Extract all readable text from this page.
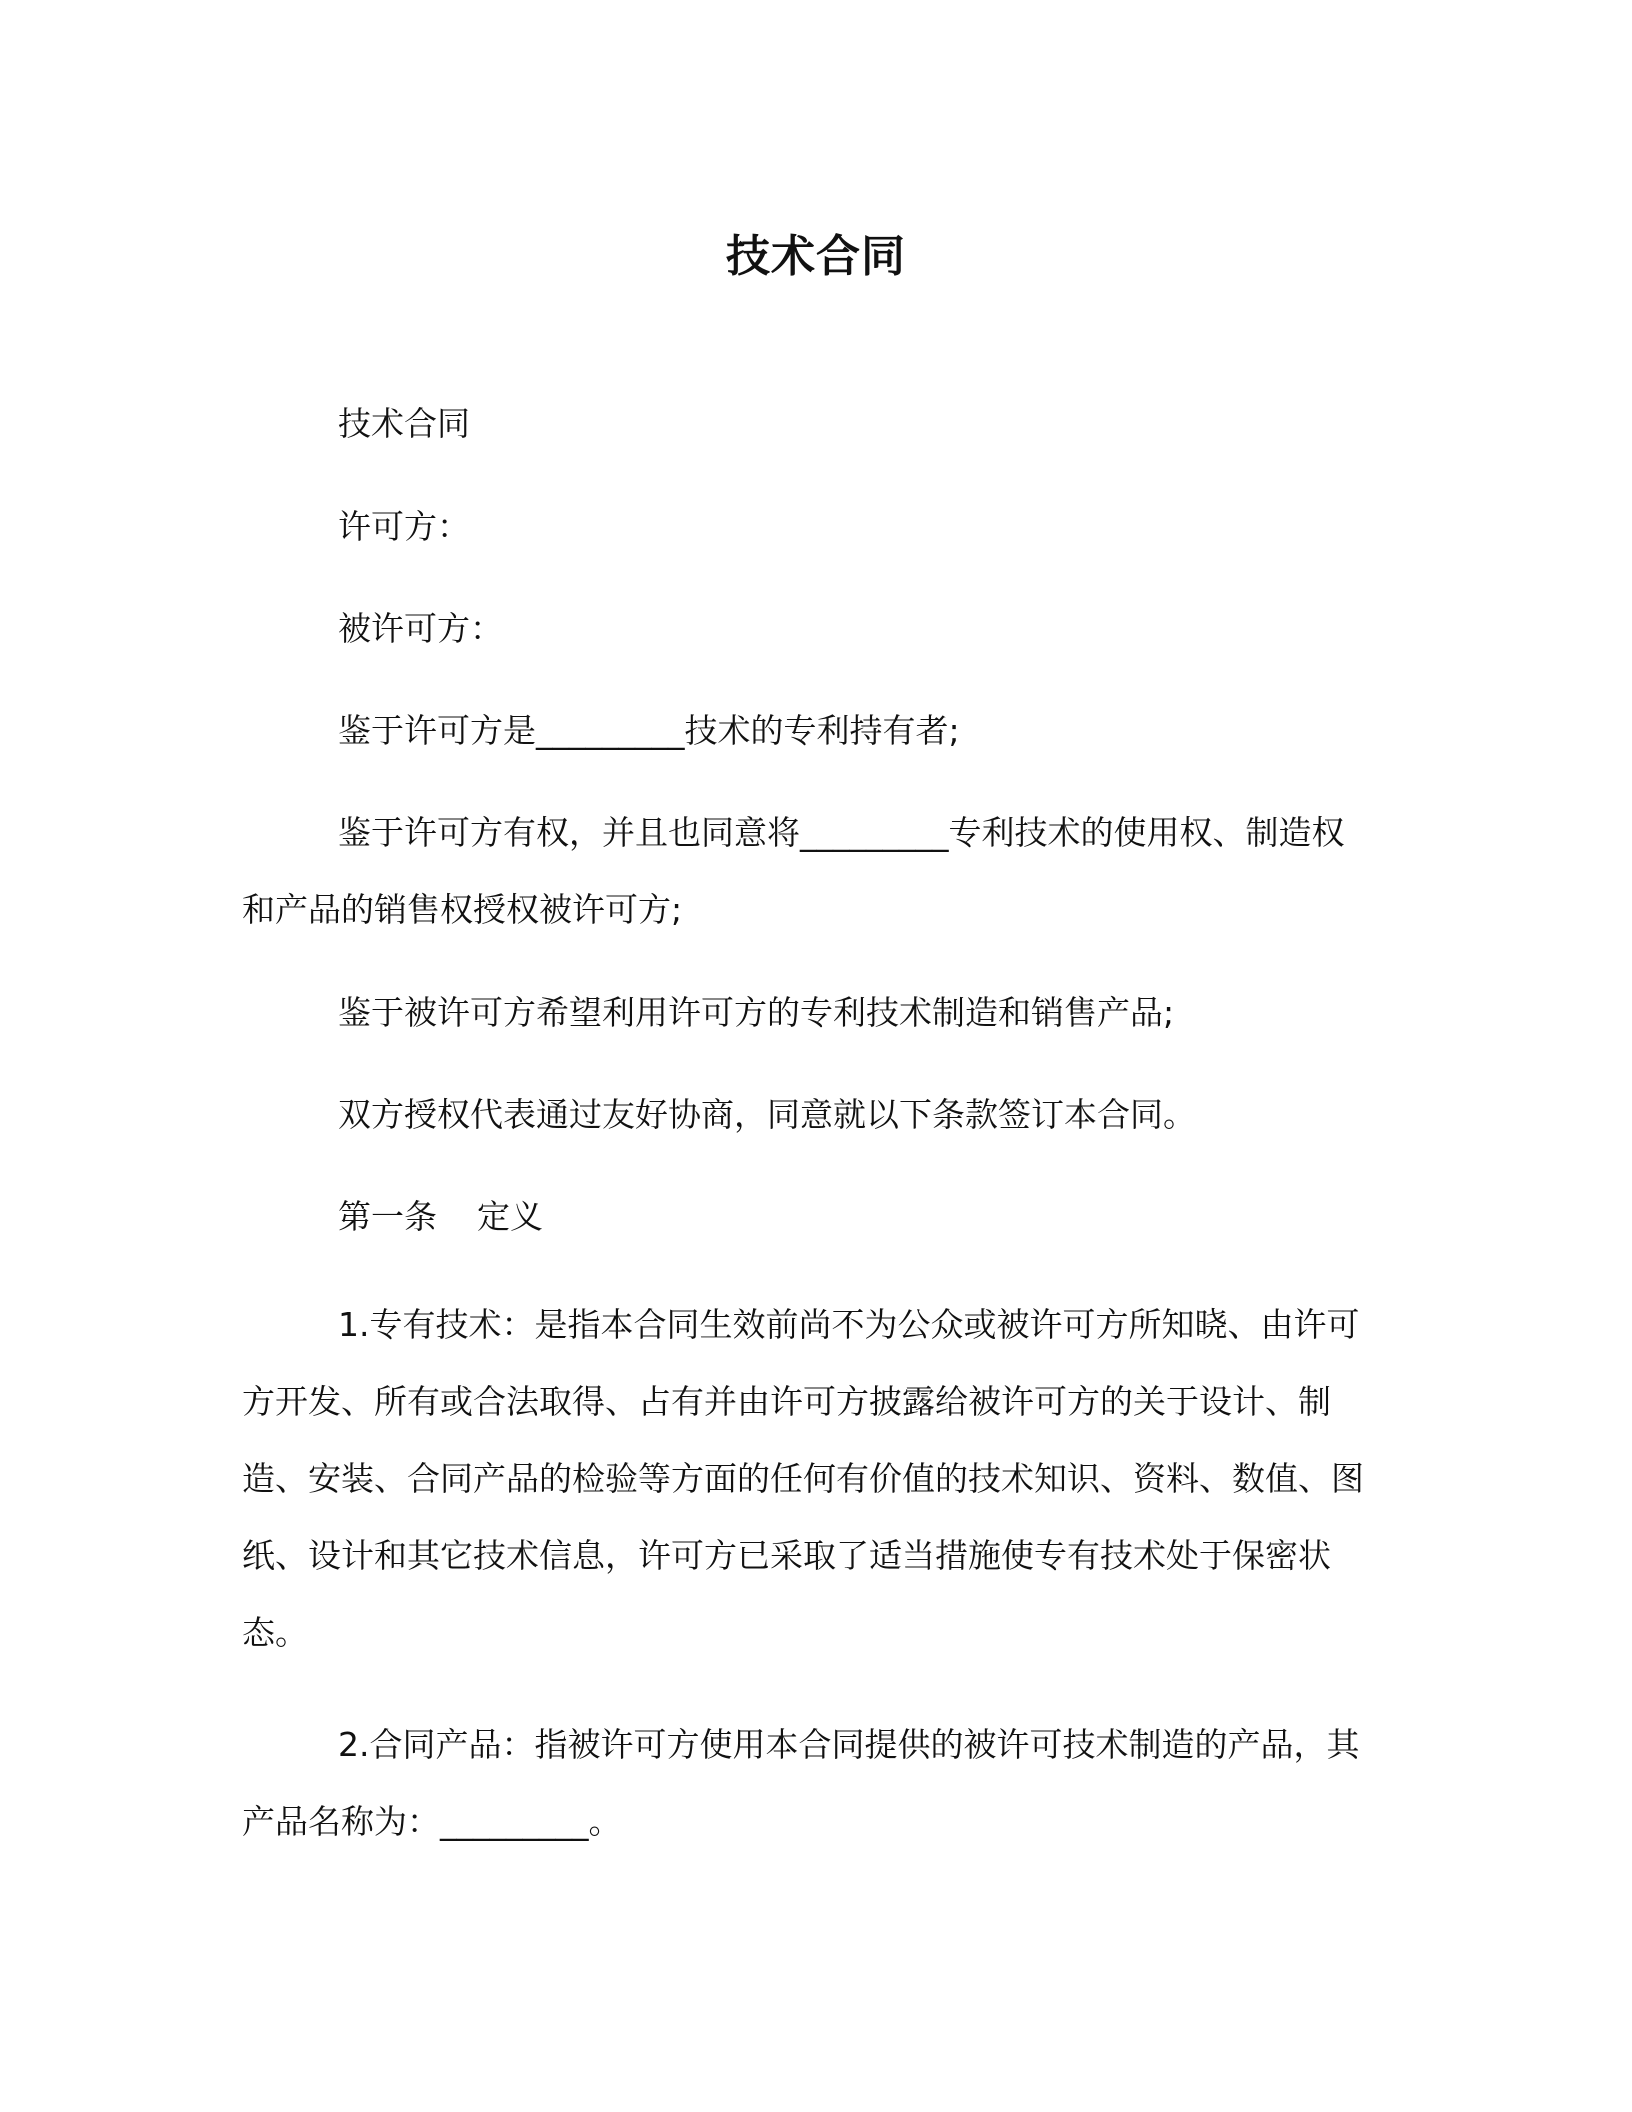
技术合同

技术合同

许可方：

被许可方：

鉴于许可方是_________技术的专利持有者;

鉴于许可方有权，并且也同意将_________专利技术的使用权、制造权和产品的销售权授权被许可方;

鉴于被许可方希望利用许可方的专利技术制造和销售产品;

双方授权代表通过友好协商，同意就以下条款签订本合同。

第一条 定义

1.专有技术：是指本合同生效前尚不为公众或被许可方所知晓、由许可方开发、所有或合法取得、占有并由许可方披露给被许可方的关于设计、制造、安装、合同产品的检验等方面的任何有价值的技术知识、资料、数值、图纸、设计和其它技术信息，许可方已采取了适当措施使专有技术处于保密状态。

2.合同产品：指被许可方使用本合同提供的被许可技术制造的产品，其产品名称为：_________。
